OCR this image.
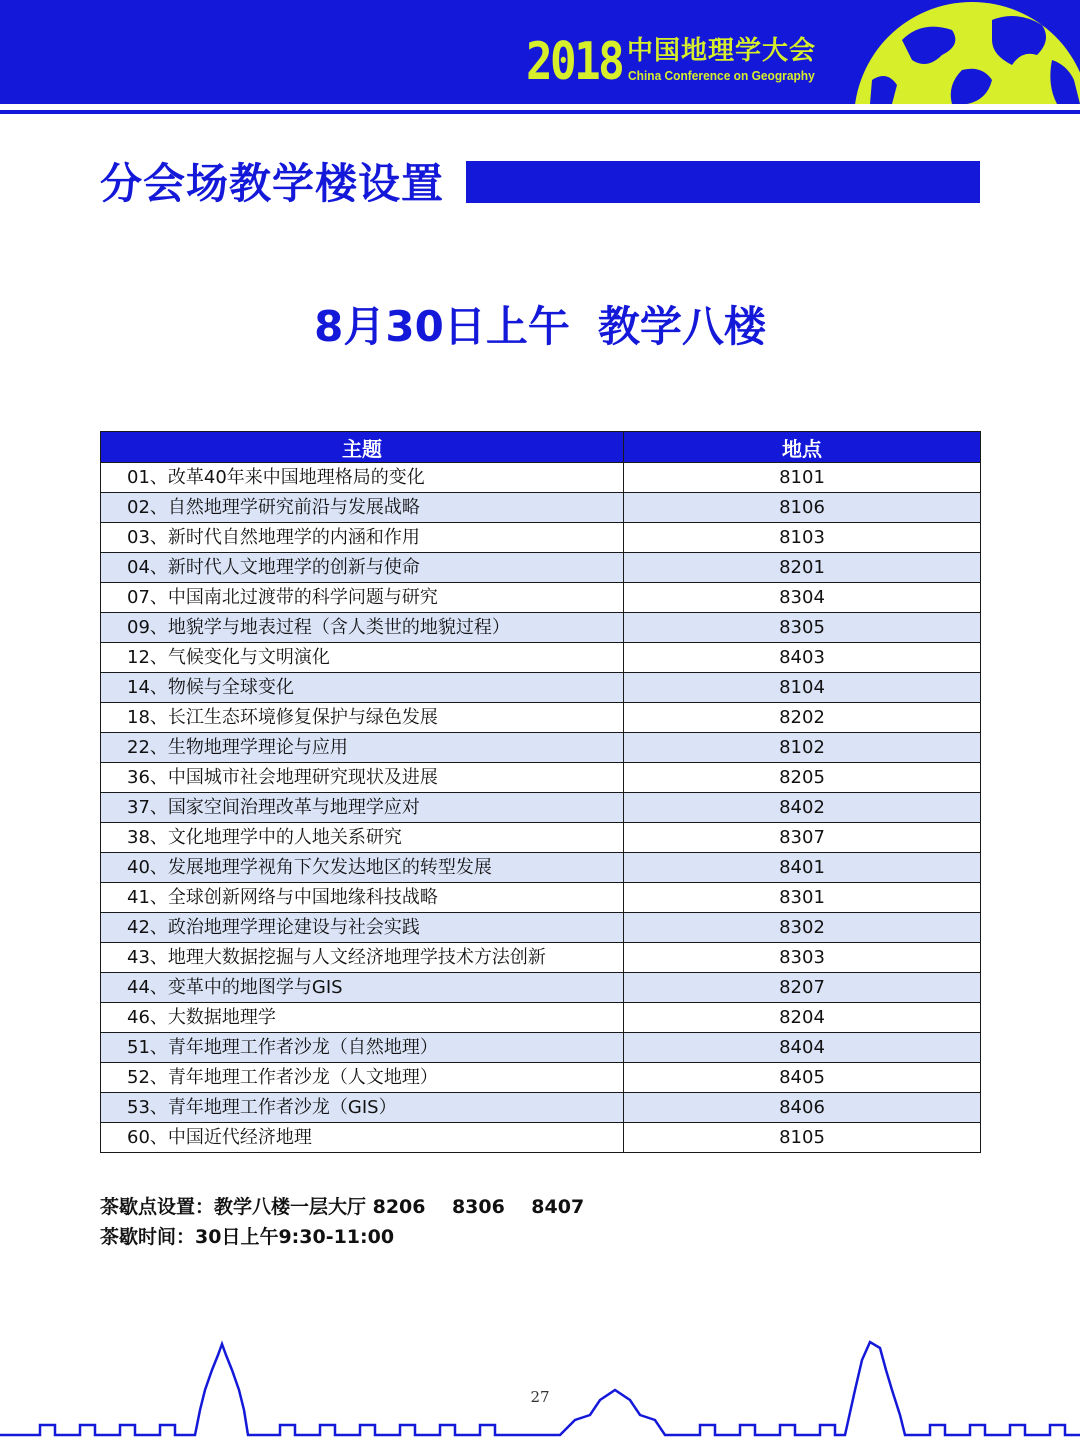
2018 中国地理学大会
China Conference on Geography
分会场教学楼设置
8月30日上午 教学八楼
主题	地点
01、改革40年来中国地理格局的变化	8101
02、自然地理学研究前沿与发展战略	8106
03、新时代自然地理学的内涵和作用	8103
04、新时代人文地理学的创新与使命	8201
07、中国南北过渡带的科学问题与研究	8304
09、地貌学与地表过程（含人类世的地貌过程）	8305
12、气候变化与文明演化	8403
14、物候与全球变化	8104
18、长江生态环境修复保护与绿色发展	8202
22、生物地理学理论与应用	8102
36、中国城市社会地理研究现状及进展	8205
37、国家空间治理改革与地理学应对	8402
38、文化地理学中的人地关系研究	8307
40、发展地理学视角下欠发达地区的转型发展	8401
41、全球创新网络与中国地缘科技战略	8301
42、政治地理学理论建设与社会实践	8302
43、地理大数据挖掘与人文经济地理学技术方法创新	8303
44、变革中的地图学与GIS	8207
46、大数据地理学	8204
51、青年地理工作者沙龙（自然地理）	8404
52、青年地理工作者沙龙（人文地理）	8405
53、青年地理工作者沙龙（GIS）	8406
60、中国近代经济地理	8105
茶歇点设置：教学八楼一层大厅 8206    8306    8407
茶歇时间：30日上午9:30-11:00
27
